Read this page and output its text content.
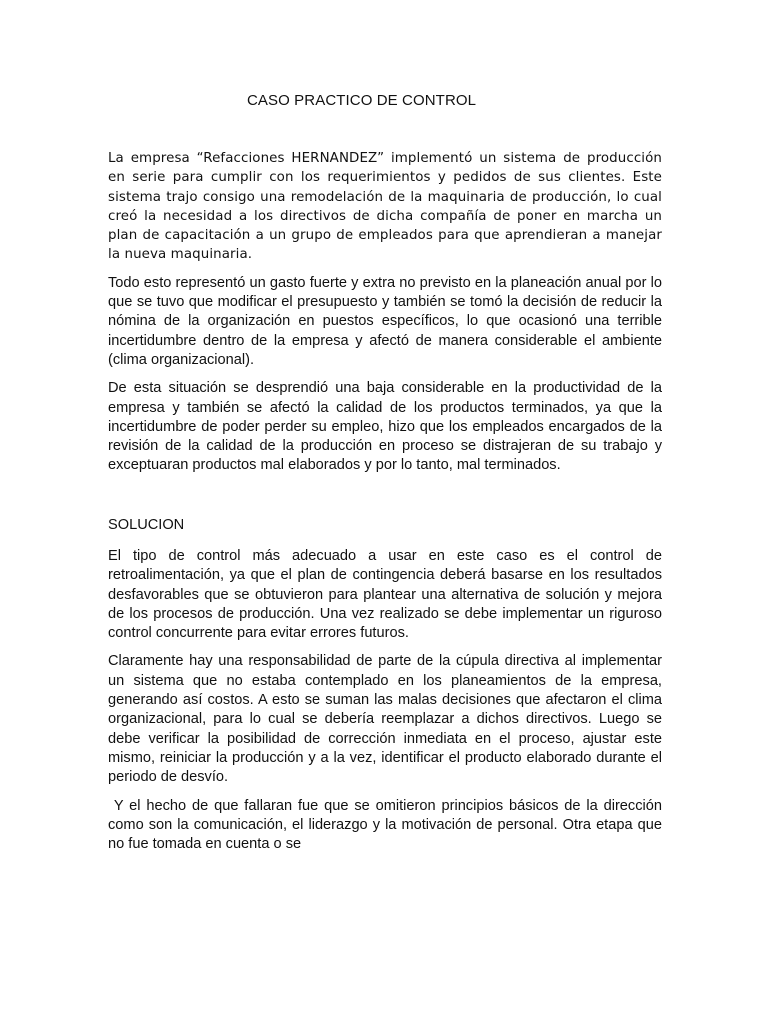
CASO PRACTICO DE CONTROL

La empresa “Refacciones HERNANDEZ” implementó un sistema de producción en serie para cumplir con los requerimientos y pedidos de sus clientes. Este sistema trajo consigo una remodelación de la maquinaria de producción, lo cual creó la necesidad a los directivos de dicha compañía de poner en marcha un plan de capacitación a un grupo de empleados para que aprendieran a manejar la nueva maquinaria.

Todo esto representó un gasto fuerte y extra no previsto en la planeación anual por lo que se tuvo que modificar el presupuesto y también se tomó la decisión de reducir la nómina de la organización en puestos específicos, lo que ocasionó una terrible incertidumbre dentro de la empresa y afectó de manera considerable el ambiente (clima organizacional).

De esta situación se desprendió una baja considerable en la productividad de la empresa y también se afectó la calidad de los productos terminados, ya que la incertidumbre de poder perder su empleo, hizo que los empleados encargados de la revisión de la calidad de la producción en proceso se distrajeran de su trabajo y exceptuaran productos mal elaborados y por lo tanto, mal terminados.

SOLUCION

El tipo de control más adecuado a usar en este caso es el control de retroalimentación, ya que el plan de contingencia deberá basarse en los resultados desfavorables que se obtuvieron para plantear una alternativa de solución y mejora de los procesos de producción. Una vez realizado se debe implementar un riguroso control concurrente para evitar errores futuros.

Claramente hay una responsabilidad de parte de la cúpula directiva al implementar un sistema que no estaba contemplado en los planeamientos de la empresa, generando así costos. A esto se suman las malas decisiones que afectaron el clima organizacional, para lo cual se debería reemplazar a dichos directivos. Luego se debe verificar la posibilidad de corrección inmediata en el proceso, ajustar este mismo, reiniciar la producción y a la vez, identificar el producto elaborado durante el periodo de desvío.

Y el hecho de que fallaran fue que se omitieron principios básicos de la dirección como son la comunicación, el liderazgo y la motivación de personal. Otra etapa que no fue tomada en cuenta o se
